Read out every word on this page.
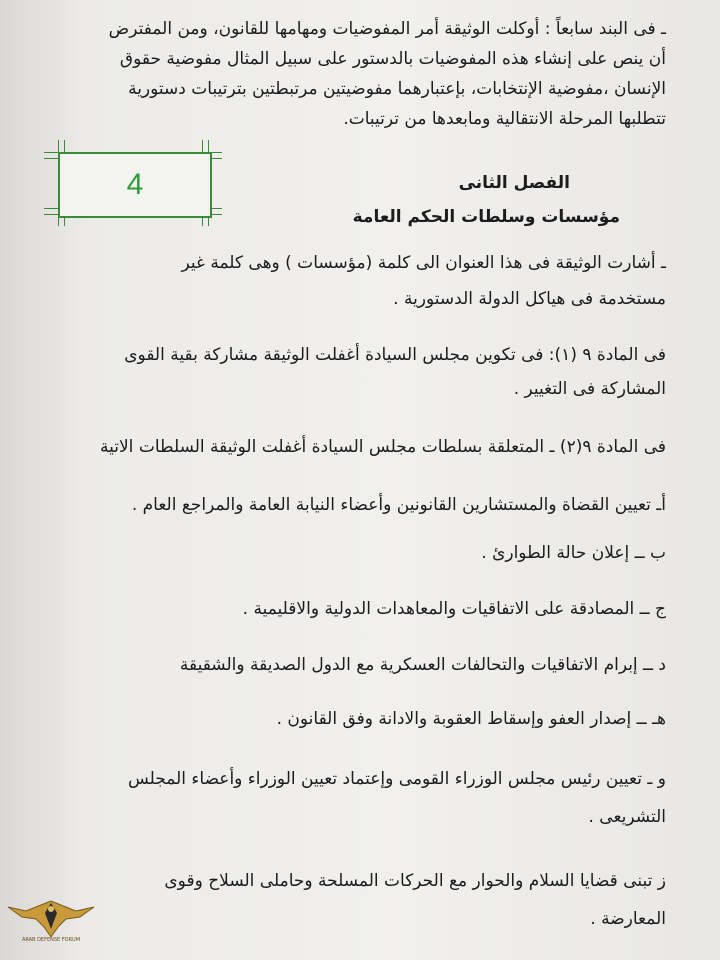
ـ فى البند سابعاً : أوكلت الوثيقة أمر المفوضيات ومهامها للقانون، ومن المفترض
أن ينص على إنشاء هذه المفوضيات بالدستور على سبيل المثال مفوضية حقوق
الإنسان ،مفوضية الإنتخابات، بإعتبارهما مفوضيتين مرتبطتين بترتيبات دستورية
تتطلبها المرحلة الانتقالية ومابعدها من ترتيبات.
الفصل الثانى
مؤسسات وسلطات الحكم العامة
ـ أشارت الوثيقة فى هذا العنوان الى كلمة (مؤسسات ) وهى كلمة غير
مستخدمة فى هياكل الدولة الدستورية .
فى المادة ٩ (١): فى تكوين مجلس السيادة أغفلت الوثيقة مشاركة بقية القوى
المشاركة فى التغيير .
فى المادة ٩(٢) ـ المتعلقة بسلطات مجلس السيادة أغفلت الوثيقة السلطات الاتية
أـ تعيين القضاة والمستشارين القانونين وأعضاء النيابة العامة والمراجع العام .
ب ــ إعلان حالة الطوارئ .
ج ــ المصادقة على الاتفاقيات والمعاهدات الدولية والاقليمية .
د ــ إبرام الاتفاقيات والتحالفات العسكرية مع الدول الصديقة والشقيقة
هـ ــ إصدار العفو وإسقاط العقوبة والادانة وفق القانون .
و ـ تعيين رئيس مجلس الوزراء القومى وإعتماد تعيين الوزراء وأعضاء المجلس
التشريعى .
ز تبنى قضايا السلام والحوار مع الحركات المسلحة وحاملى السلاح وقوى
المعارضة .
4
ARAB DEFENSE FORUM
